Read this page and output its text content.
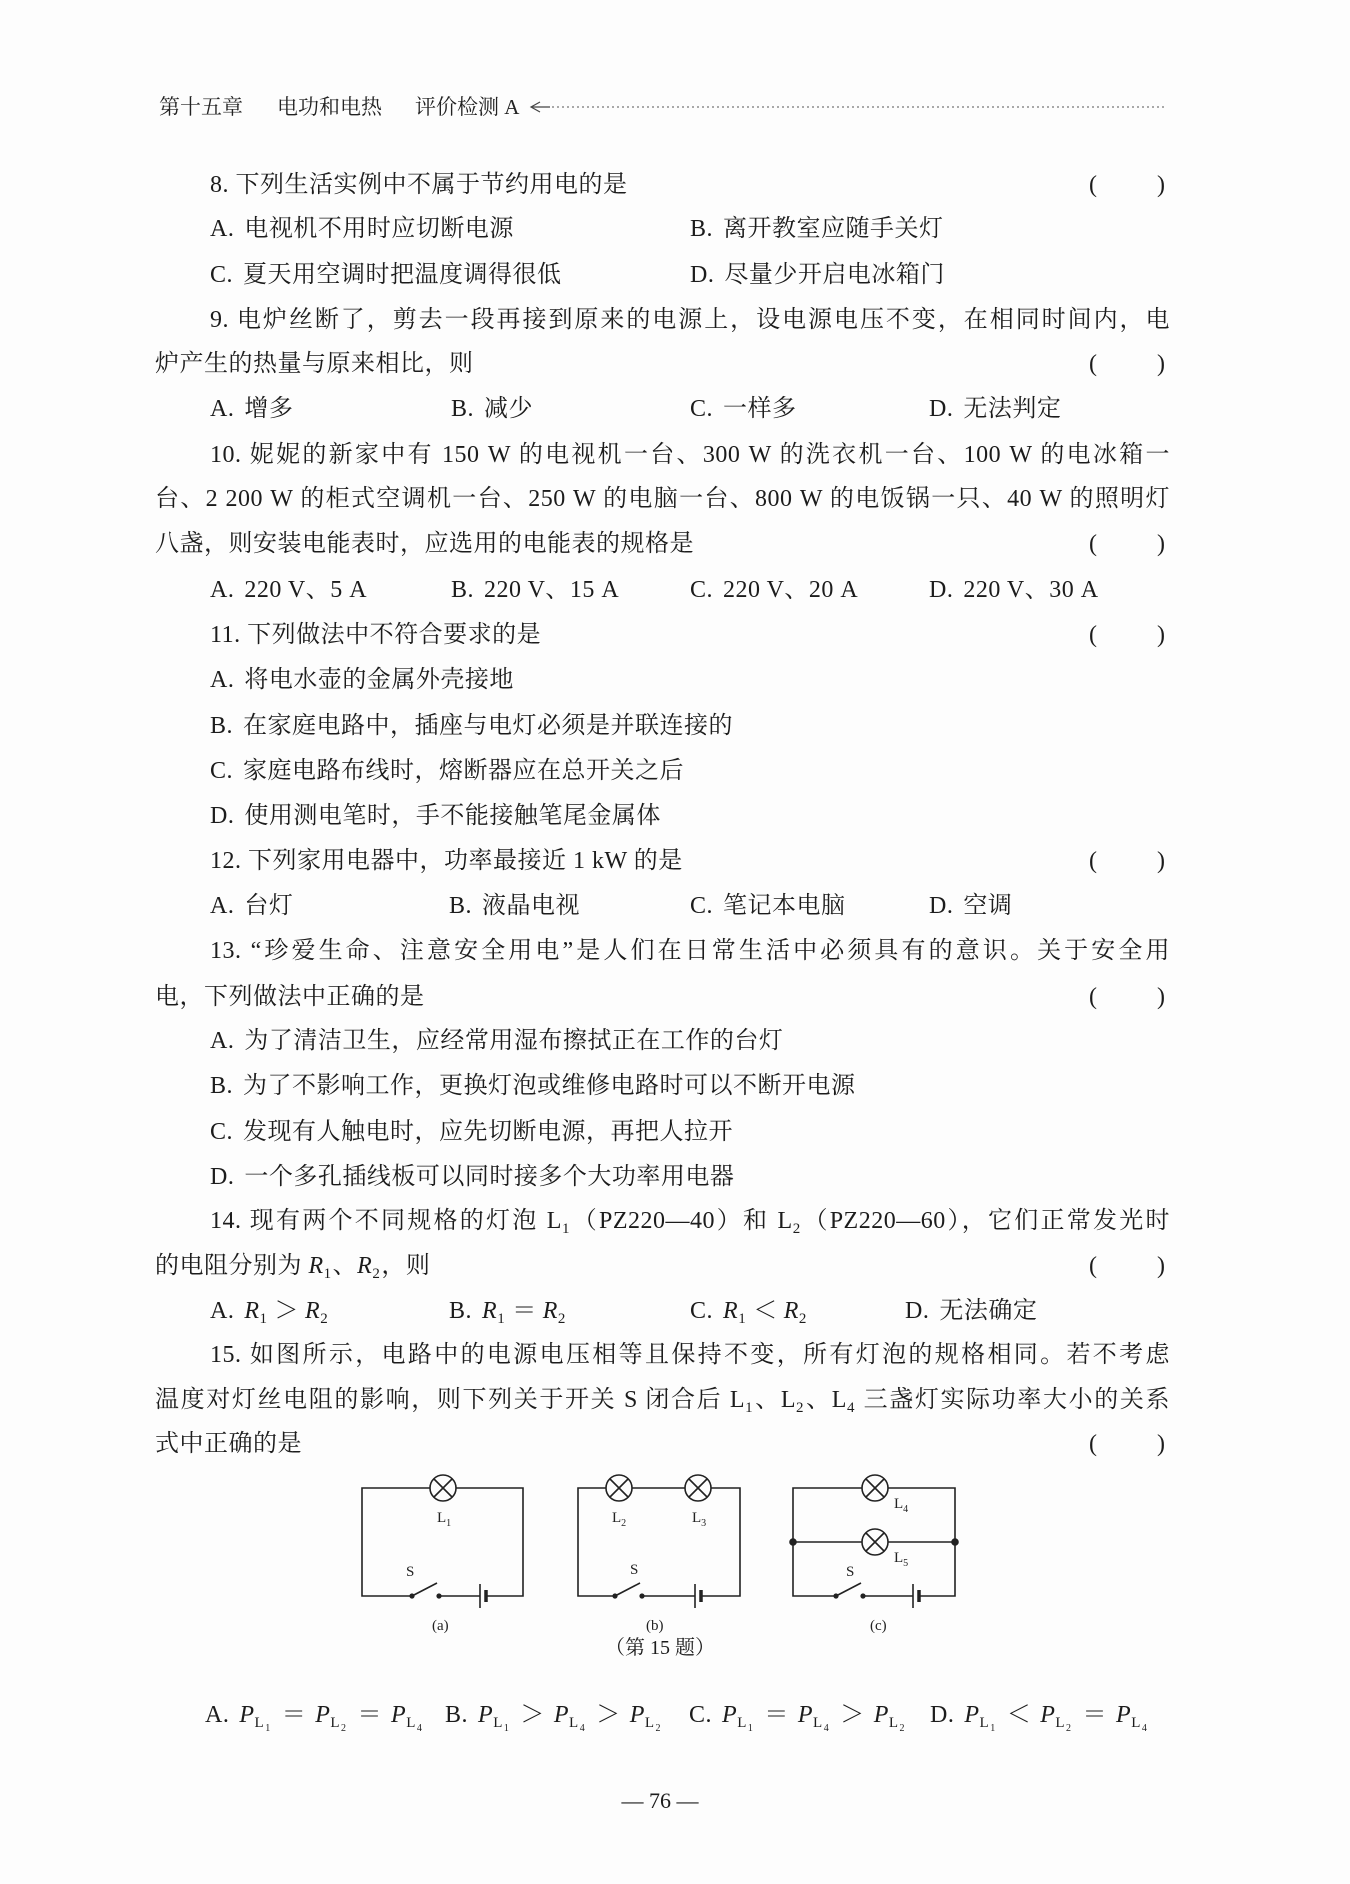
第十五章 电功和电热 评价检测 A
8. 下列生活实例中不属于节约用电的是	(	)
A. 电视机不用时应切断电源	B. 离开教室应随手关灯
C. 夏天用空调时把温度调得很低	D. 尽量少开启电冰箱门
9. 电炉丝断了，剪去一段再接到原来的电源上，设电源电压不变，在相同时间内，电
炉产生的热量与原来相比，则	(	)
A. 增多	B. 减少	C. 一样多	D. 无法判定
10. 妮妮的新家中有 150 W 的电视机一台、300 W 的洗衣机一台、100 W 的电冰箱一
台、2 200 W 的柜式空调机一台、250 W 的电脑一台、800 W 的电饭锅一只、40 W 的照明灯
八盏，则安装电能表时，应选用的电能表的规格是	(	)
A. 220 V、5 A	B. 220 V、15 A	C. 220 V、20 A	D. 220 V、30 A
11. 下列做法中不符合要求的是	(	)
A. 将电水壶的金属外壳接地
B. 在家庭电路中，插座与电灯必须是并联连接的
C. 家庭电路布线时，熔断器应在总开关之后
D. 使用测电笔时，手不能接触笔尾金属体
12. 下列家用电器中，功率最接近 1 kW 的是	(	)
A. 台灯	B. 液晶电视	C. 笔记本电脑	D. 空调
13. “珍爱生命、注意安全用电”是人们在日常生活中必须具有的意识。关于安全用
电，下列做法中正确的是	(	)
A. 为了清洁卫生，应经常用湿布擦拭正在工作的台灯
B. 为了不影响工作，更换灯泡或维修电路时可以不断开电源
C. 发现有人触电时，应先切断电源，再把人拉开
D. 一个多孔插线板可以同时接多个大功率用电器
14. 现有两个不同规格的灯泡 $L_1(PZ220—40)$和 $L_2(PZ220—60)$，它们正常发光时
的电阻分别为 $R_1$、$R_2$，则	(	)
A. $R_1 > R_2$	B. $R_1 = R_2$	C. $R_1 < R_2$	D. 无法确定
15. 如图所示，电路中的电源电压相等且保持不变，所有灯泡的规格相同。若不考虑
温度对灯丝电阻的影响，则下列关于开关 S 闭合后 $L_1$、$L_2$、$L_4$ 三盏灯实际功率大小的关系
式中正确的是	(	)
$L_1$	$L_2$	$L_3$
$L_4$
$L_5$
S	S	S
(a)	(b)	(c)
（第 15 题）
A. $P_{L1}= P_{L2}= P_{L4}$
B. $P_{L1}> P_{L4}> P_{L2}$
C. $P_{L1}= P_{L4}> P_{L2}$
D. $P_{L1}< P_{L2}= P_{L4}$
— 76 —
